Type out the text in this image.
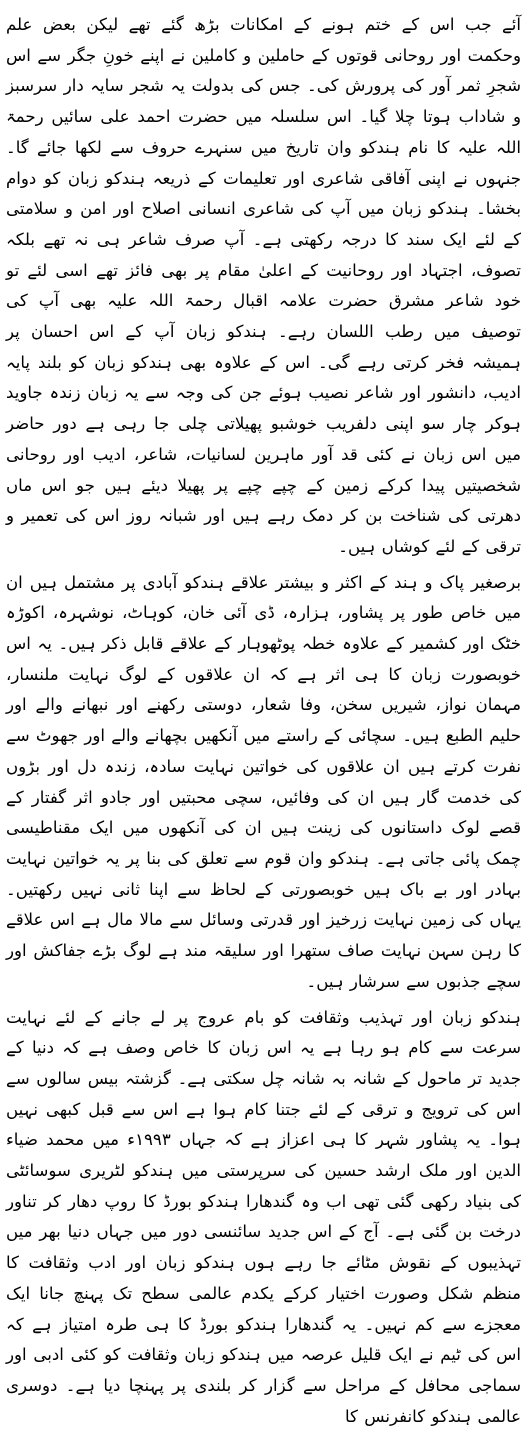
آئے جب اس کے ختم ہونے کے امکانات بڑھ گئے تھے لیکن بعض علم وحکمت اور روحانی قوتوں کے حاملین و کاملین نے اپنے خونِ جگر سے اس شجرِ ثمر آور کی پرورش کی۔ جس کی بدولت یہ شجر سایہ دار سرسبز و شاداب ہوتا چلا گیا۔ اس سلسلہ میں حضرت احمد علی سائیں رحمۃ اللہ علیہ کا نام ہندکو وان تاریخ میں سنہرے حروف سے لکھا جائے گا۔ جنہوں نے اپنی آفاقی شاعری اور تعلیمات کے ذریعہ ہندکو زبان کو دوام بخشا۔ ہندکو زبان میں آپ کی شاعری انسانی اصلاح اور امن و سلامتی کے لئے ایک سند کا درجہ رکھتی ہے۔ آپ صرف شاعر ہی نہ تھے بلکہ تصوف، اجتہاد اور روحانیت کے اعلیٰ مقام پر بھی فائز تھے اسی لئے تو خود شاعر مشرق حضرت علامہ اقبال رحمۃ اللہ علیہ بھی آپ کی توصیف میں رطب اللسان رہے۔ ہندکو زبان آپ کے اس احسان پر ہمیشہ فخر کرتی رہے گی۔ اس کے علاوہ بھی ہندکو زبان کو بلند پایہ ادیب، دانشور اور شاعر نصیب ہوئے جن کی وجہ سے یہ زبان زندہ جاوید ہوکر چار سو اپنی دلفریب خوشبو پھیلاتی چلی جا رہی ہے دور حاضر میں اس زبان نے کئی قد آور ماہرین لسانیات، شاعر، ادیب اور روحانی شخصیتیں پیدا کرکے زمین کے چپے چپے پر پھیلا دیئے ہیں جو اس ماں دھرتی کی شناخت بن کر دمک رہے ہیں اور شبانہ روز اس کی تعمیر و ترقی کے لئے کوشاں ہیں۔

برصغیر پاک و ہند کے اکثر و بیشتر علاقے ہندکو آبادی پر مشتمل ہیں ان میں خاص طور پر پشاور، ہزارہ، ڈی آئی خان، کوہاٹ، نوشہرہ، اکوڑہ خٹک اور کشمیر کے علاوہ خطہ پوٹھوہار کے علاقے قابل ذکر ہیں۔ یہ اس خوبصورت زبان کا ہی اثر ہے کہ ان علاقوں کے لوگ نہایت ملنسار، مہمان نواز، شیریں سخن، وفا شعار، دوستی رکھنے اور نبھانے والے اور حلیم الطبع ہیں۔ سچائی کے راستے میں آنکھیں بچھانے والے اور جھوٹ سے نفرت کرتے ہیں ان علاقوں کی خواتین نہایت سادہ، زندہ دل اور بڑوں کی خدمت گار ہیں ان کی وفائیں، سچی محبتیں اور جادو اثر گفتار کے قصے لوک داستانوں کی زینت ہیں ان کی آنکھوں میں ایک مقناطیسی چمک پائی جاتی ہے۔ ہندکو وان قوم سے تعلق کی بنا پر یہ خواتین نہایت بہادر اور بے باک ہیں خوبصورتی کے لحاظ سے اپنا ثانی نہیں رکھتیں۔ یہاں کی زمین نہایت زرخیز اور قدرتی وسائل سے مالا مال ہے اس علاقے کا رہن سہن نہایت صاف ستھرا اور سلیقہ مند ہے لوگ بڑے جفاکش اور سچے جذبوں سے سرشار ہیں۔

ہندکو زبان اور تہذیب وثقافت کو بام عروج پر لے جانے کے لئے نہایت سرعت سے کام ہو رہا ہے یہ اس زبان کا خاص وصف ہے کہ دنیا کے جدید تر ماحول کے شانہ بہ شانہ چل سکتی ہے۔ گزشتہ بیس سالوں سے اس کی ترویج و ترقی کے لئے جتنا کام ہوا ہے اس سے قبل کبھی نہیں ہوا۔ یہ پشاور شہر کا ہی اعزاز ہے کہ جہاں ۱۹۹۳ء میں محمد ضیاء الدین اور ملک ارشد حسین کی سرپرستی میں ہندکو لٹریری سوسائٹی کی بنیاد رکھی گئی تھی اب وہ گندھارا ہندکو بورڈ کا روپ دھار کر تناور درخت بن گئی ہے۔ آج کے اس جدید سائنسی دور میں جہاں دنیا بھر میں تہذیبوں کے نقوش مٹائے جا رہے ہوں ہندکو زبان اور ادب وثقافت کا منظم شکل وصورت اختیار کرکے یکدم عالمی سطح تک پہنچ جانا ایک معجزے سے کم نہیں۔ یہ گندھارا ہندکو بورڈ کا ہی طرہ امتیاز ہے کہ اس کی ٹیم نے ایک قلیل عرصہ میں ہندکو زبان وثقافت کو کئی ادبی اور سماجی محافل کے مراحل سے گزار کر بلندی پر پہنچا دیا ہے۔ دوسری عالمی ہندکو کانفرنس کا
